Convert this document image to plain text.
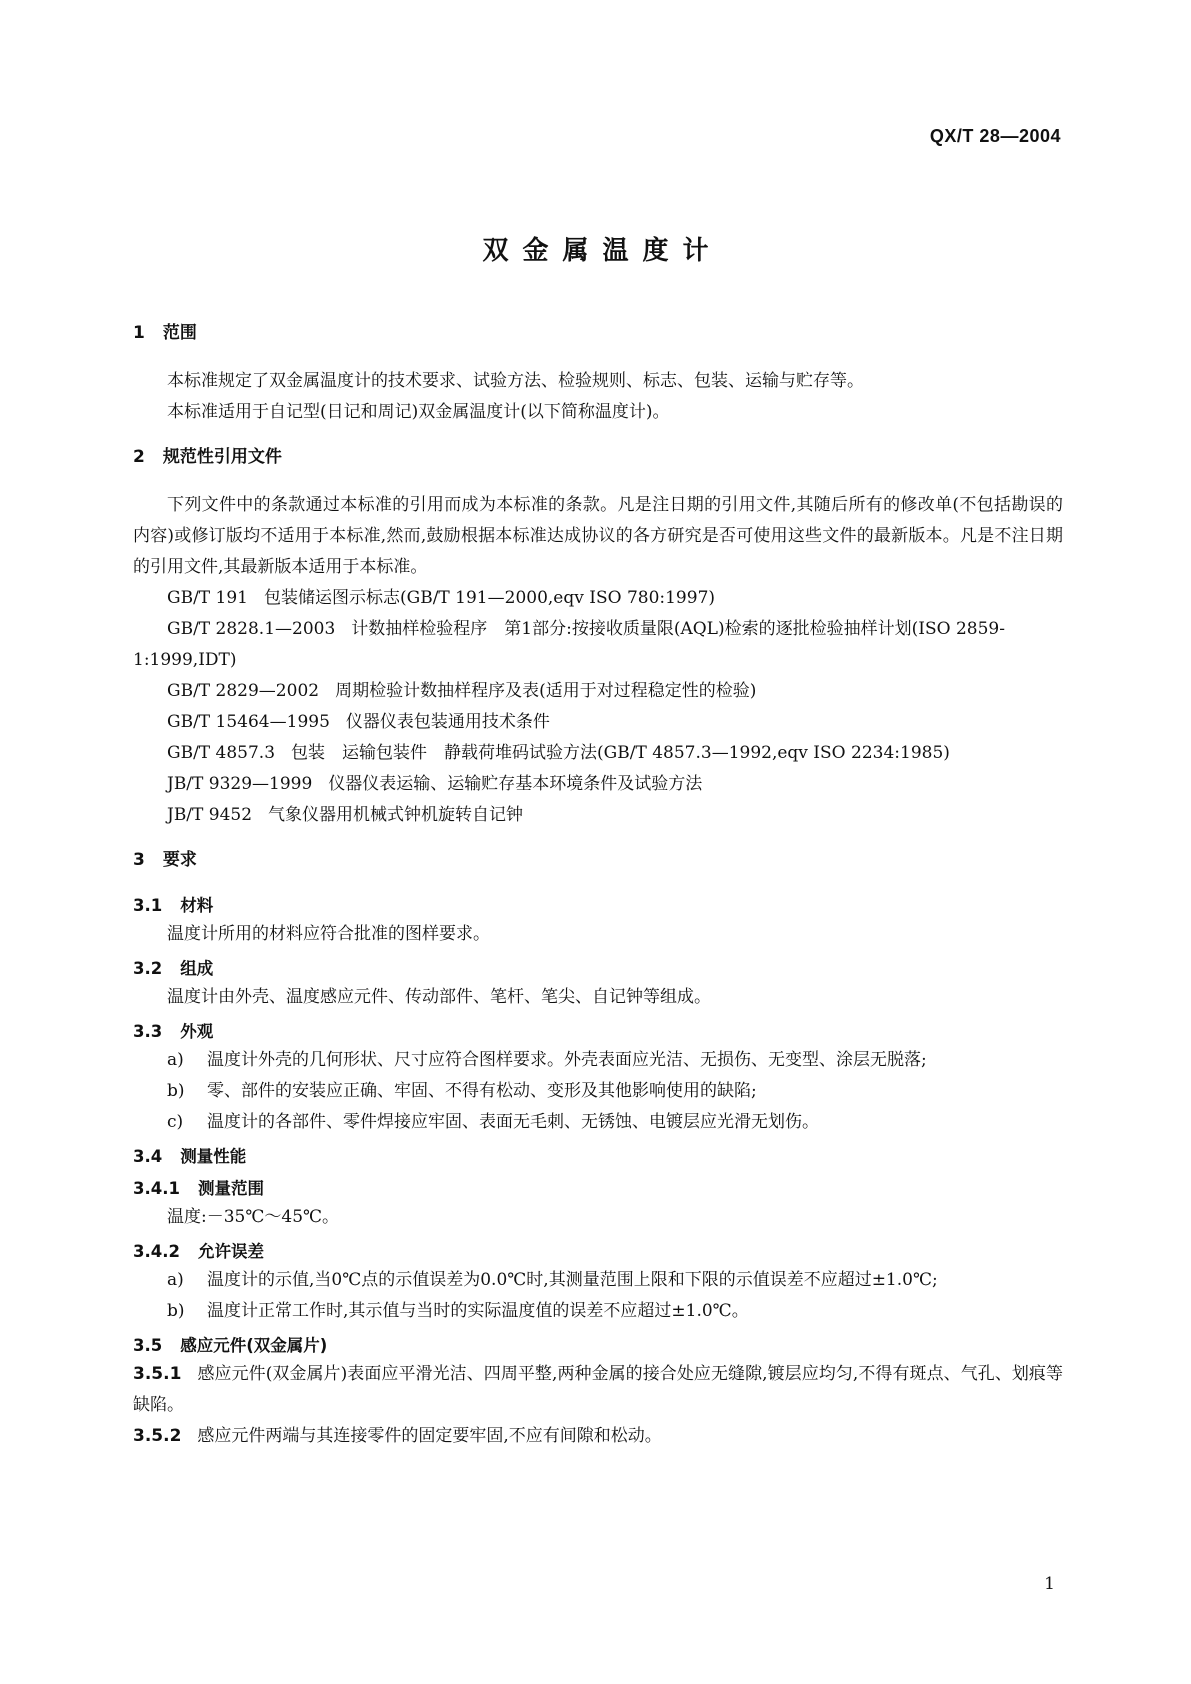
QX/T 28—2004
双金属温度计
1 范围

本标准规定了双金属温度计的技术要求、试验方法、检验规则、标志、包装、运输与贮存等。

本标准适用于自记型(日记和周记)双金属温度计(以下简称温度计)。

2 规范性引用文件

下列文件中的条款通过本标准的引用而成为本标准的条款。凡是注日期的引用文件,其随后所有的修改单(不包括勘误的内容)或修订版均不适用于本标准,然而,鼓励根据本标准达成协议的各方研究是否可使用这些文件的最新版本。凡是不注日期的引用文件,其最新版本适用于本标准。

GB/T 191 包装储运图示标志(GB/T 191—2000,eqv ISO 780:1997)
GB/T 2828.1—2003 计数抽样检验程序　第1部分:按接收质量限(AQL)检索的逐批检验抽样计划(ISO 2859-1:1999,IDT)
GB/T 2829—2002 周期检验计数抽样程序及表(适用于对过程稳定性的检验)
GB/T 15464—1995 仪器仪表包装通用技术条件
GB/T 4857.3 包装　运输包装件　静载荷堆码试验方法(GB/T 4857.3—1992,eqv ISO 2234:1985)
JB/T 9329—1999 仪器仪表运输、运输贮存基本环境条件及试验方法
JB/T 9452 气象仪器用机械式钟机旋转自记钟
3 要求
3.1 材料
温度计所用的材料应符合批准的图样要求。
3.2 组成
温度计由外壳、温度感应元件、传动部件、笔杆、笔尖、自记钟等组成。
3.3 外观
a)	温度计外壳的几何形状、尺寸应符合图样要求。外壳表面应光洁、无损伤、无变型、涂层无脱落;
b)	零、部件的安装应正确、牢固、不得有松动、变形及其他影响使用的缺陷;
c)	温度计的各部件、零件焊接应牢固、表面无毛刺、无锈蚀、电镀层应光滑无划伤。
3.4 测量性能
3.4.1 测量范围
温度:－35℃～45℃。
3.4.2 允许误差
a)	温度计的示值,当0℃点的示值误差为0.0℃时,其测量范围上限和下限的示值误差不应超过±1.0℃;
b)	温度计正常工作时,其示值与当时的实际温度值的误差不应超过±1.0℃。
3.5 感应元件(双金属片)
3.5.1 感应元件(双金属片)表面应平滑光洁、四周平整,两种金属的接合处应无缝隙,镀层应均匀,不得有斑点、气孔、划痕等缺陷。
3.5.2 感应元件两端与其连接零件的固定要牢固,不应有间隙和松动。
1
